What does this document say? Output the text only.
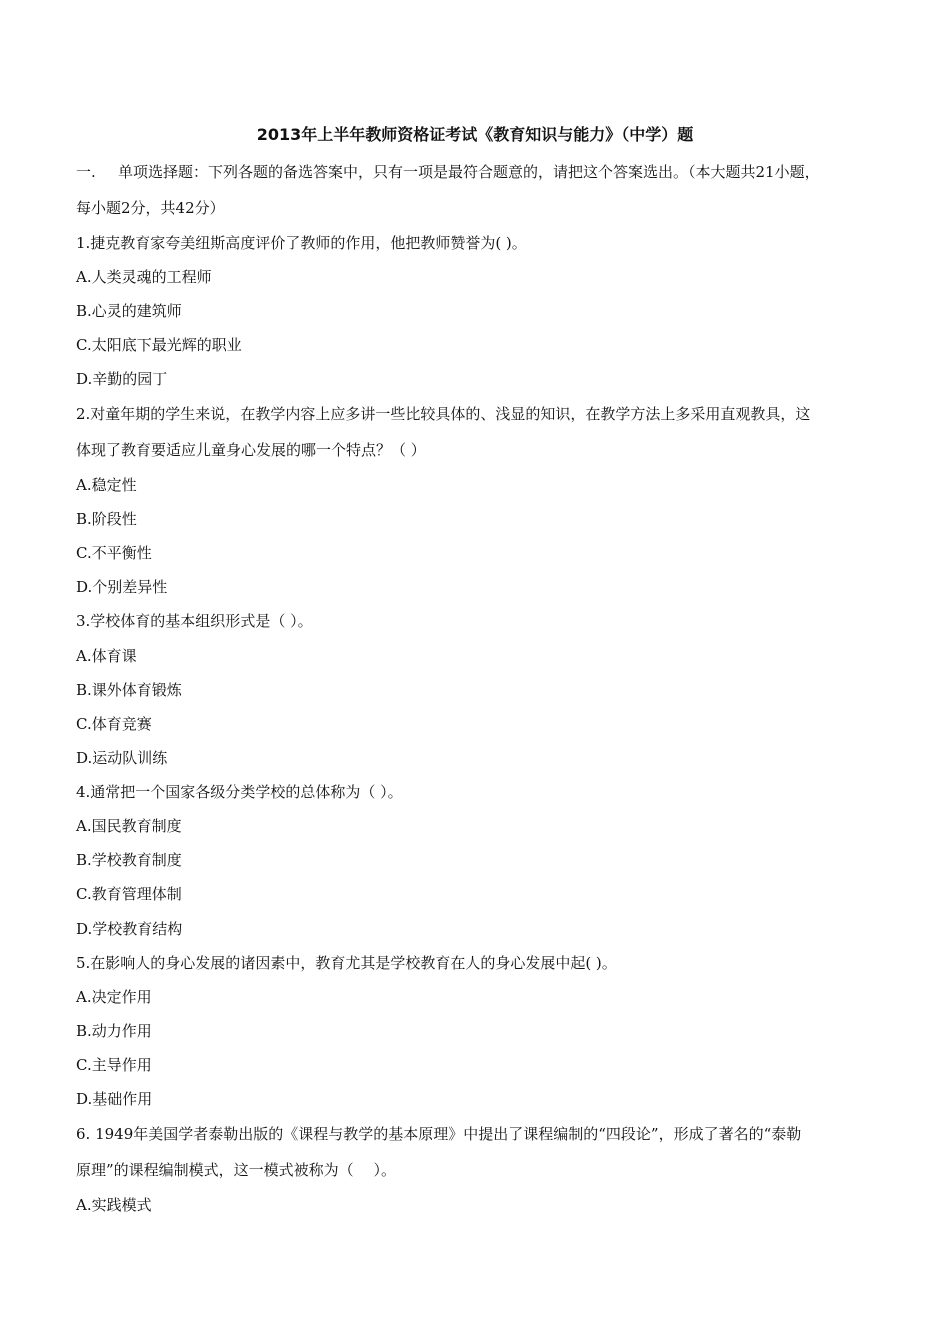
2013年上半年教师资格证考试《教育知识与能力》（中学）题
一. 单项选择题：下列各题的备选答案中，只有一项是最符合题意的，请把这个答案选出。（本大题共21小题，
每小题2分，共42分）
1.捷克教育家夸美纽斯高度评价了教师的作用，他把教师赞誉为( )。
A.人类灵魂的工程师
B.心灵的建筑师
C.太阳底下最光辉的职业
D.辛勤的园丁
2.对童年期的学生来说，在教学内容上应多讲一些比较具体的、浅显的知识，在教学方法上多采用直观教具，这
体现了教育要适应儿童身心发展的哪一个特点？（ ）
A.稳定性
B.阶段性
C.不平衡性
D.个别差异性
3.学校体育的基本组织形式是（ ）。
A.体育课
B.课外体育锻炼
C.体育竞赛
D.运动队训练
4.通常把一个国家各级分类学校的总体称为（ ）。
A.国民教育制度
B.学校教育制度
C.教育管理体制
D.学校教育结构
5.在影响人的身心发展的诸因素中，教育尤其是学校教育在人的身心发展中起( )。
A.决定作用
B.动力作用
C.主导作用
D.基础作用
6. 1949年美国学者泰勒出版的《课程与教学的基本原理》中提出了课程编制的“四段论”，形成了著名的“泰勒
原理”的课程编制模式，这一模式被称为（　 ）。
A.实践模式
